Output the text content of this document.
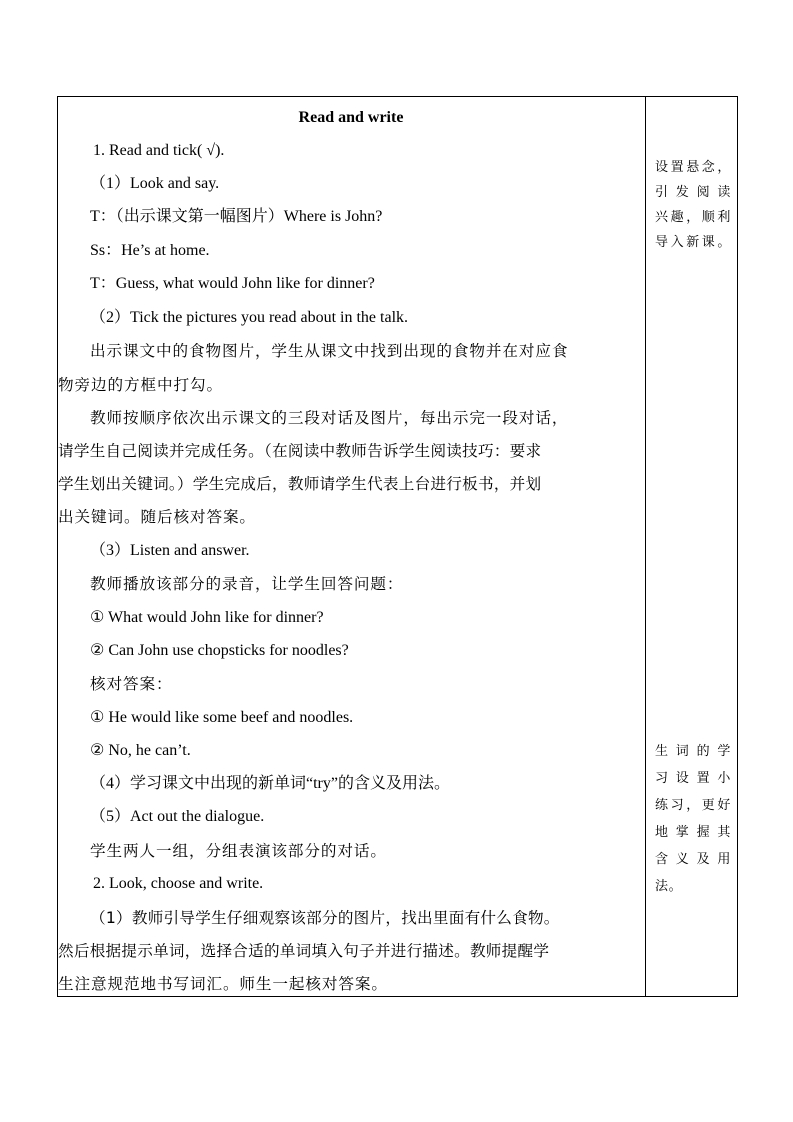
Read and write
1. Read and tick( √).
（1）Look and say.
T：（出示课文第一幅图片）Where is John?
Ss：He’s at home.
T：Guess, what would John like for dinner?
（2）Tick the pictures you read about in the talk.
出示课文中的食物图片，学生从课文中找到出现的食物并在对应食
物旁边的方框中打勾。
教师按顺序依次出示课文的三段对话及图片，每出示完一段对话，
请学生自己阅读并完成任务。（在阅读中教师告诉学生阅读技巧：要求
学生划出关键词。）学生完成后，教师请学生代表上台进行板书，并划
出关键词。随后核对答案。
（3）Listen and answer.
教师播放该部分的录音，让学生回答问题：
① What would John like for dinner?
② Can John use chopsticks for noodles?
核对答案：
① He would like some beef and noodles.
② No, he can’t.
（4）学习课文中出现的新单词“try”的含义及用法。
（5）Act out the dialogue.
学生两人一组，分组表演该部分的对话。
2. Look, choose and write.
（1）教师引导学生仔细观察该部分的图片，找出里面有什么食物。
然后根据提示单词，选择合适的单词填入句子并进行描述。教师提醒学
生注意规范地书写词汇。师生一起核对答案。
设置悬念，
引发阅读
兴趣，顺利
导入新课。
生词的学
习设置小
练习，更好
地掌握其
含义及用
法。
